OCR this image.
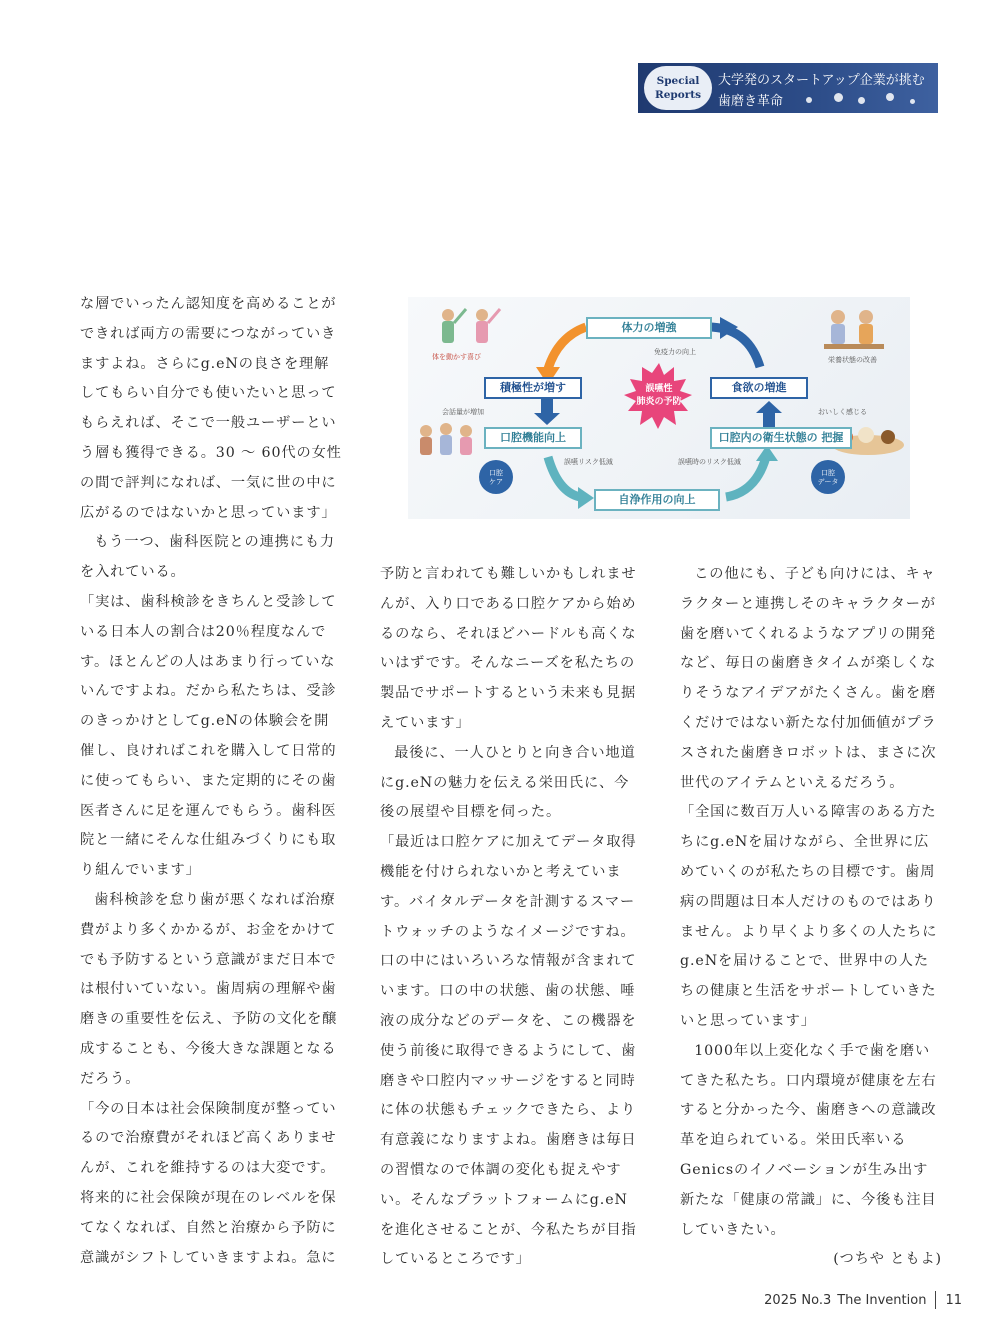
Special
Reports
大学発のスタートアップ企業が挑む
歯磨き革命

な層でいったん認知度を高めることができれば両方の需要につながっていきますよね。さらにg.eNの良さを理解してもらい自分でも使いたいと思ってもらえれば、そこで一般ユーザーという層も獲得できる。30 ～ 60代の女性の間で評判になれば、一気に世の中に広がるのではないかと思っています」

もう一つ、歯科医院との連携にも力を入れている。

「実は、歯科検診をきちんと受診している日本人の割合は20％程度なんです。ほとんどの人はあまり行っていないんですよね。だから私たちは、受診のきっかけとしてg.eNの体験会を開催し、良ければこれを購入して日常的に使ってもらい、また定期的にその歯医者さんに足を運んでもらう。歯科医院と一緒にそんな仕組みづくりにも取り組んでいます」

歯科検診を怠り歯が悪くなれば治療費がより多くかかるが、お金をかけてでも予防するという意識がまだ日本では根付いていない。歯周病の理解や歯磨きの重要性を伝え、予防の文化を醸成することも、今後大きな課題となるだろう。

「今の日本は社会保険制度が整っているので治療費がそれほど高くありませんが、これを維持するのは大変です。将来的に社会保険が現在のレベルを保てなくなれば、自然と治療から予防に意識がシフトしていきますよね。急に

体力の増強
積極性が増す	食欲の増進
口腔機能向上	口腔内の衛生状態の 把握
自浄作用の向上
誤嚥性
肺炎の予防
体を動かす喜び
免疫力の向上
栄養状態の改善
会話量が増加	おいしく感じる
誤嚥リスク低減	誤嚥時のリスク低減
口腔
ケア
口腔
データ

予防と言われても難しいかもしれませんが、入り口である口腔ケアから始めるのなら、それほどハードルも高くないはずです。そんなニーズを私たちの製品でサポートするという未来も見据えています」

最後に、一人ひとりと向き合い地道にg.eNの魅力を伝える栄田氏に、今後の展望や目標を伺った。

「最近は口腔ケアに加えてデータ取得機能を付けられないかと考えています。バイタルデータを計測するスマートウォッチのようなイメージですね。口の中にはいろいろな情報が含まれています。口の中の状態、歯の状態、唾液の成分などのデータを、この機器を使う前後に取得できるようにして、歯磨きや口腔内マッサージをすると同時に体の状態もチェックできたら、より有意義になりますよね。歯磨きは毎日の習慣なので体調の変化も捉えやすい。そんなプラットフォームにg.eNを進化させることが、今私たちが目指しているところです」

この他にも、子ども向けには、キャラクターと連携しそのキャラクターが歯を磨いてくれるようなアプリの開発など、毎日の歯磨きタイムが楽しくなりそうなアイデアがたくさん。歯を磨くだけではない新たな付加価値がプラスされた歯磨きロボットは、まさに次世代のアイテムといえるだろう。

「全国に数百万人いる障害のある方たちにg.eNを届けながら、全世界に広めていくのが私たちの目標です。歯周病の問題は日本人だけのものではありません。より早くより多くの人たちにg.eNを届けることで、世界中の人たちの健康と生活をサポートしていきたいと思っています」

1000年以上変化なく手で歯を磨いてきた私たち。口内環境が健康を左右すると分かった今、歯磨きへの意識改革を迫られている。栄田氏率いるGenicsのイノベーションが生み出す新たな「健康の常識」に、今後も注目していきたい。

(つちや ともよ)

2025 No.3 The Invention 11
